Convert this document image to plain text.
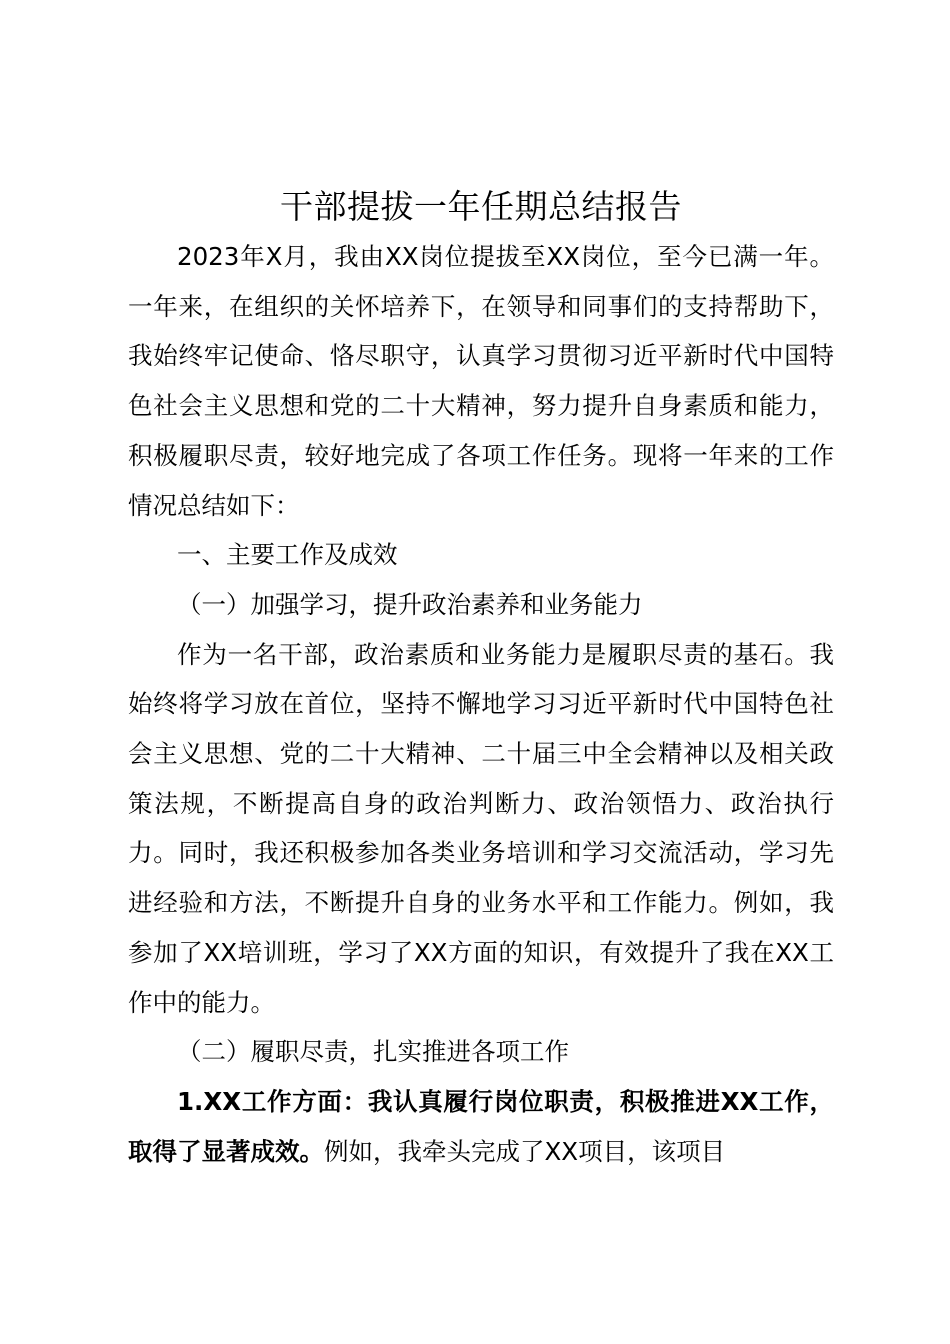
干部提拔一年任期总结报告

2023年X月，我由XX岗位提拔至XX岗位，至今已满一年。一年来，在组织的关怀培养下，在领导和同事们的支持帮助下，我始终牢记使命、恪尽职守，认真学习贯彻习近平新时代中国特色社会主义思想和党的二十大精神，努力提升自身素质和能力，积极履职尽责，较好地完成了各项工作任务。现将一年来的工作情况总结如下：

一、主要工作及成效

（一）加强学习，提升政治素养和业务能力

作为一名干部，政治素质和业务能力是履职尽责的基石。我始终将学习放在首位，坚持不懈地学习习近平新时代中国特色社会主义思想、党的二十大精神、二十届三中全会精神以及相关政策法规，不断提高自身的政治判断力、政治领悟力、政治执行力。同时，我还积极参加各类业务培训和学习交流活动，学习先进经验和方法，不断提升自身的业务水平和工作能力。例如，我参加了XX培训班，学习了XX方面的知识，有效提升了我在XX工作中的能力。

（二）履职尽责，扎实推进各项工作

1.XX工作方面：我认真履行岗位职责，积极推进XX工作，取得了显著成效。例如，我牵头完成了XX项目，该项目
